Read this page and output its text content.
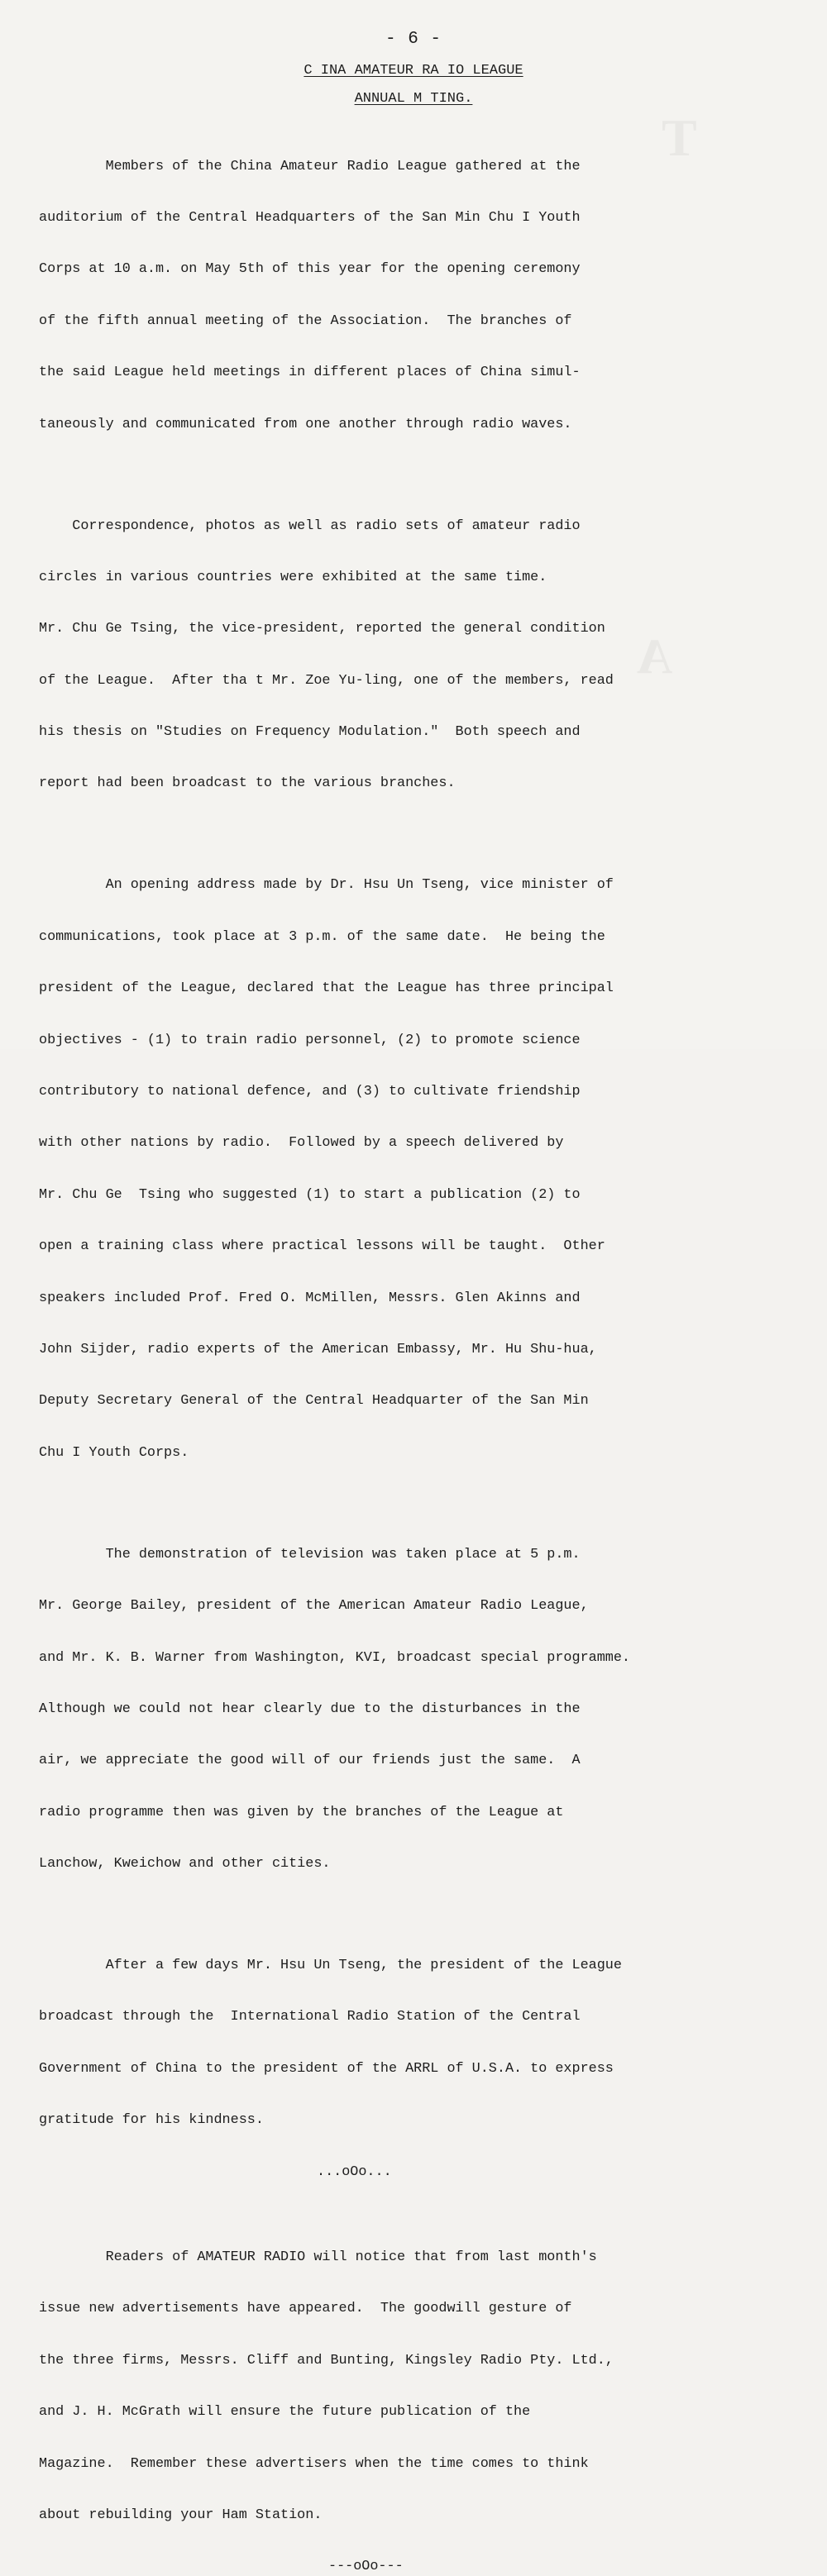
T
A
- 6 -
C INA AMATEUR RA IO LEAGUE
ANNUAL M TING.

Members of the China Amateur Radio League gathered at the

auditorium of the Central Headquarters of the San Min Chu I Youth

Corps at 10 a.m. on May 5th of this year for the opening ceremony

of the fifth annual meeting of the Association.  The branches of

the said League held meetings in different places of China simul-

taneously and communicated from one another through radio waves.

Correspondence, photos as well as radio sets of amateur radio

circles in various countries were exhibited at the same time.

Mr. Chu Ge Tsing, the vice-president, reported the general condition

of the League.  After tha t Mr. Zoe Yu-ling, one of the members, read

his thesis on "Studies on Frequency Modulation."  Both speech and

report had been broadcast to the various branches.

An opening address made by Dr. Hsu Un Tseng, vice minister of

communications, took place at 3 p.m. of the same date.  He being the

president of the League, declared that the League has three principal

objectives - (1) to train radio personnel, (2) to promote science

contributory to national defence, and (3) to cultivate friendship

with other nations by radio.  Followed by a speech delivered by

Mr. Chu Ge  Tsing who suggested (1) to start a publication (2) to

open a training class where practical lessons will be taught.  Other

speakers included Prof. Fred O. McMillen, Messrs. Glen Akinns and

John Sijder, radio experts of the American Embassy, Mr. Hu Shu-hua,

Deputy Secretary General of the Central Headquarter of the San Min

Chu I Youth Corps.

The demonstration of television was taken place at 5 p.m.

Mr. George Bailey, president of the American Amateur Radio League,

and Mr. K. B. Warner from Washington, KVI, broadcast special programme.

Although we could not hear clearly due to the disturbances in the

air, we appreciate the good will of our friends just the same.  A

radio programme then was given by the branches of the League at

Lanchow, Kweichow and other cities.

After a few days Mr. Hsu Un Tseng, the president of the League

broadcast through the  International Radio Station of the Central

Government of China to the president of the ARRL of U.S.A. to express

gratitude for his kindness.

...oOo...

Readers of AMATEUR RADIO will notice that from last month's

issue new advertisements have appeared.  The goodwill gesture of

the three firms, Messrs. Cliff and Bunting, Kingsley Radio Pty. Ltd.,

and J. H. McGrath will ensure the future publication of the

Magazine.  Remember these advertisers when the time comes to think

about rebuilding your Ham Station.

---oOo---
